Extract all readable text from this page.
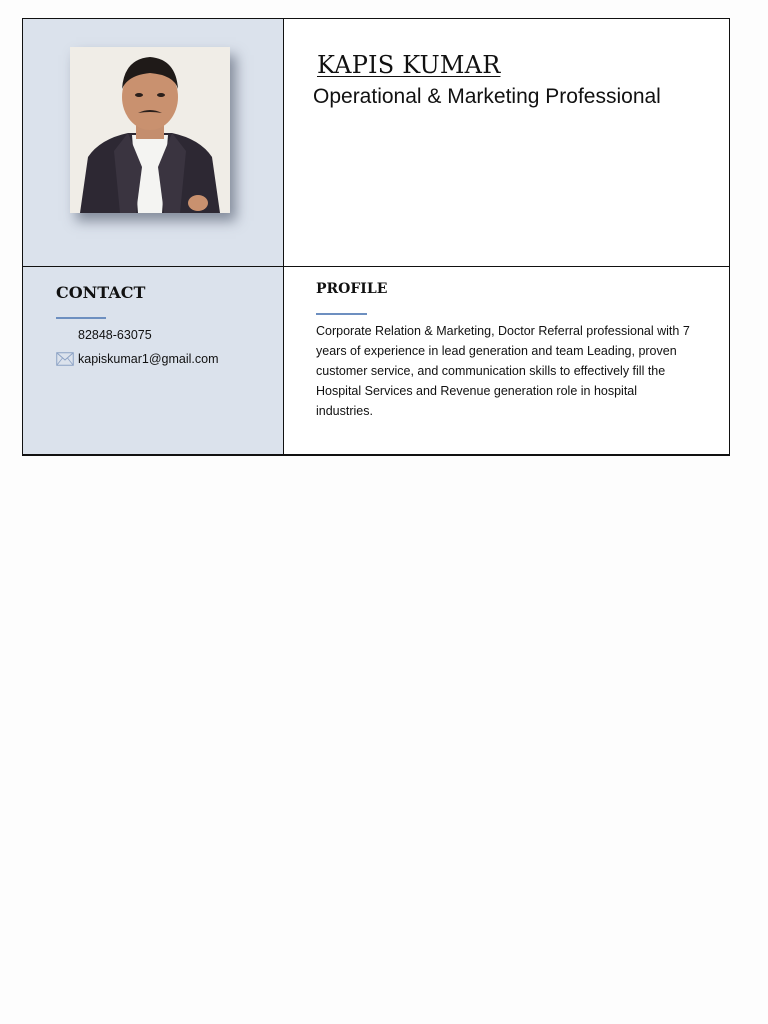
KAPIS KUMAR
Operational & Marketing Professional
CONTACT
82848-63075
kapiskumar1@gmail.com
PROFILE

Corporate Relation & Marketing, Doctor Referral professional with 7 years of experience in lead generation and team Leading, proven customer service, and communication skills to effectively fill the Hospital Services and Revenue generation role in hospital industries.
